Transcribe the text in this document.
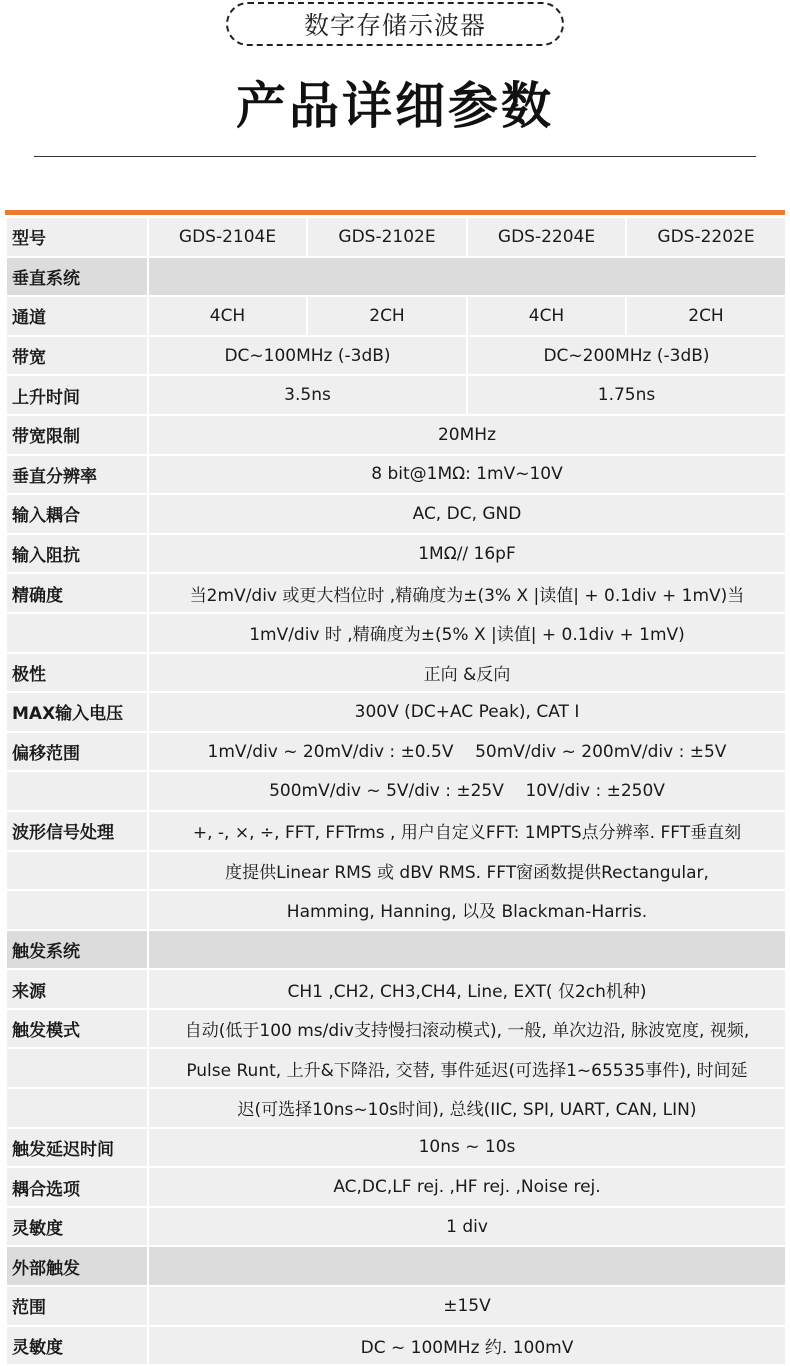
数字存储示波器
产品详细参数
型号	GDS-2104E	GDS-2102E	GDS-2204E	GDS-2202E
垂直系统				
通道	4CH	2CH	4CH	2CH
带宽	DC~100MHz (-3dB)		DC~200MHz (-3dB)	
上升时间	3.5ns		1.75ns	
带宽限制	20MHz			
垂直分辨率	8 bit@1MΩ: 1mV~10V			
输入耦合	AC, DC, GND			
输入阻抗	1MΩ// 16pF			
精确度	当2mV/div 或更大档位时 ,精确度为±(3% X |读值| + 0.1div + 1mV)当			
	1mV/div 时 ,精确度为±(5% X |读值| + 0.1div + 1mV)			
极性	正向 &反向			
MAX输入电压	300V (DC+AC Peak), CAT I			
偏移范围	1mV/div ~ 20mV/div : ±0.5V    50mV/div ~ 200mV/div : ±5V			
	500mV/div ~ 5V/div : ±25V    10V/div : ±250V			
波形信号处理	+, -, ×, ÷, FFT, FFTrms , 用户自定义FFT: 1MPTS点分辨率. FFT垂直刻			
	度提供Linear RMS 或 dBV RMS. FFT窗函数提供Rectangular,			
	Hamming, Hanning, 以及 Blackman-Harris.			
触发系统				
来源	CH1 ,CH2, CH3,CH4, Line, EXT( 仅2ch机种)			
触发模式	自动(低于100 ms/div支持慢扫滚动模式), 一般, 单次边沿, 脉波宽度, 视频,			
	Pulse Runt, 上升&下降沿, 交替, 事件延迟(可选择1~65535事件), 时间延			
	迟(可选择10ns~10s时间), 总线(IIC, SPI, UART, CAN, LIN)			
触发延迟时间	10ns ~ 10s			
耦合选项	AC,DC,LF rej. ,HF rej. ,Noise rej.			
灵敏度	1 div			
外部触发				
范围	±15V			
灵敏度	DC ~ 100MHz 约. 100mV			
